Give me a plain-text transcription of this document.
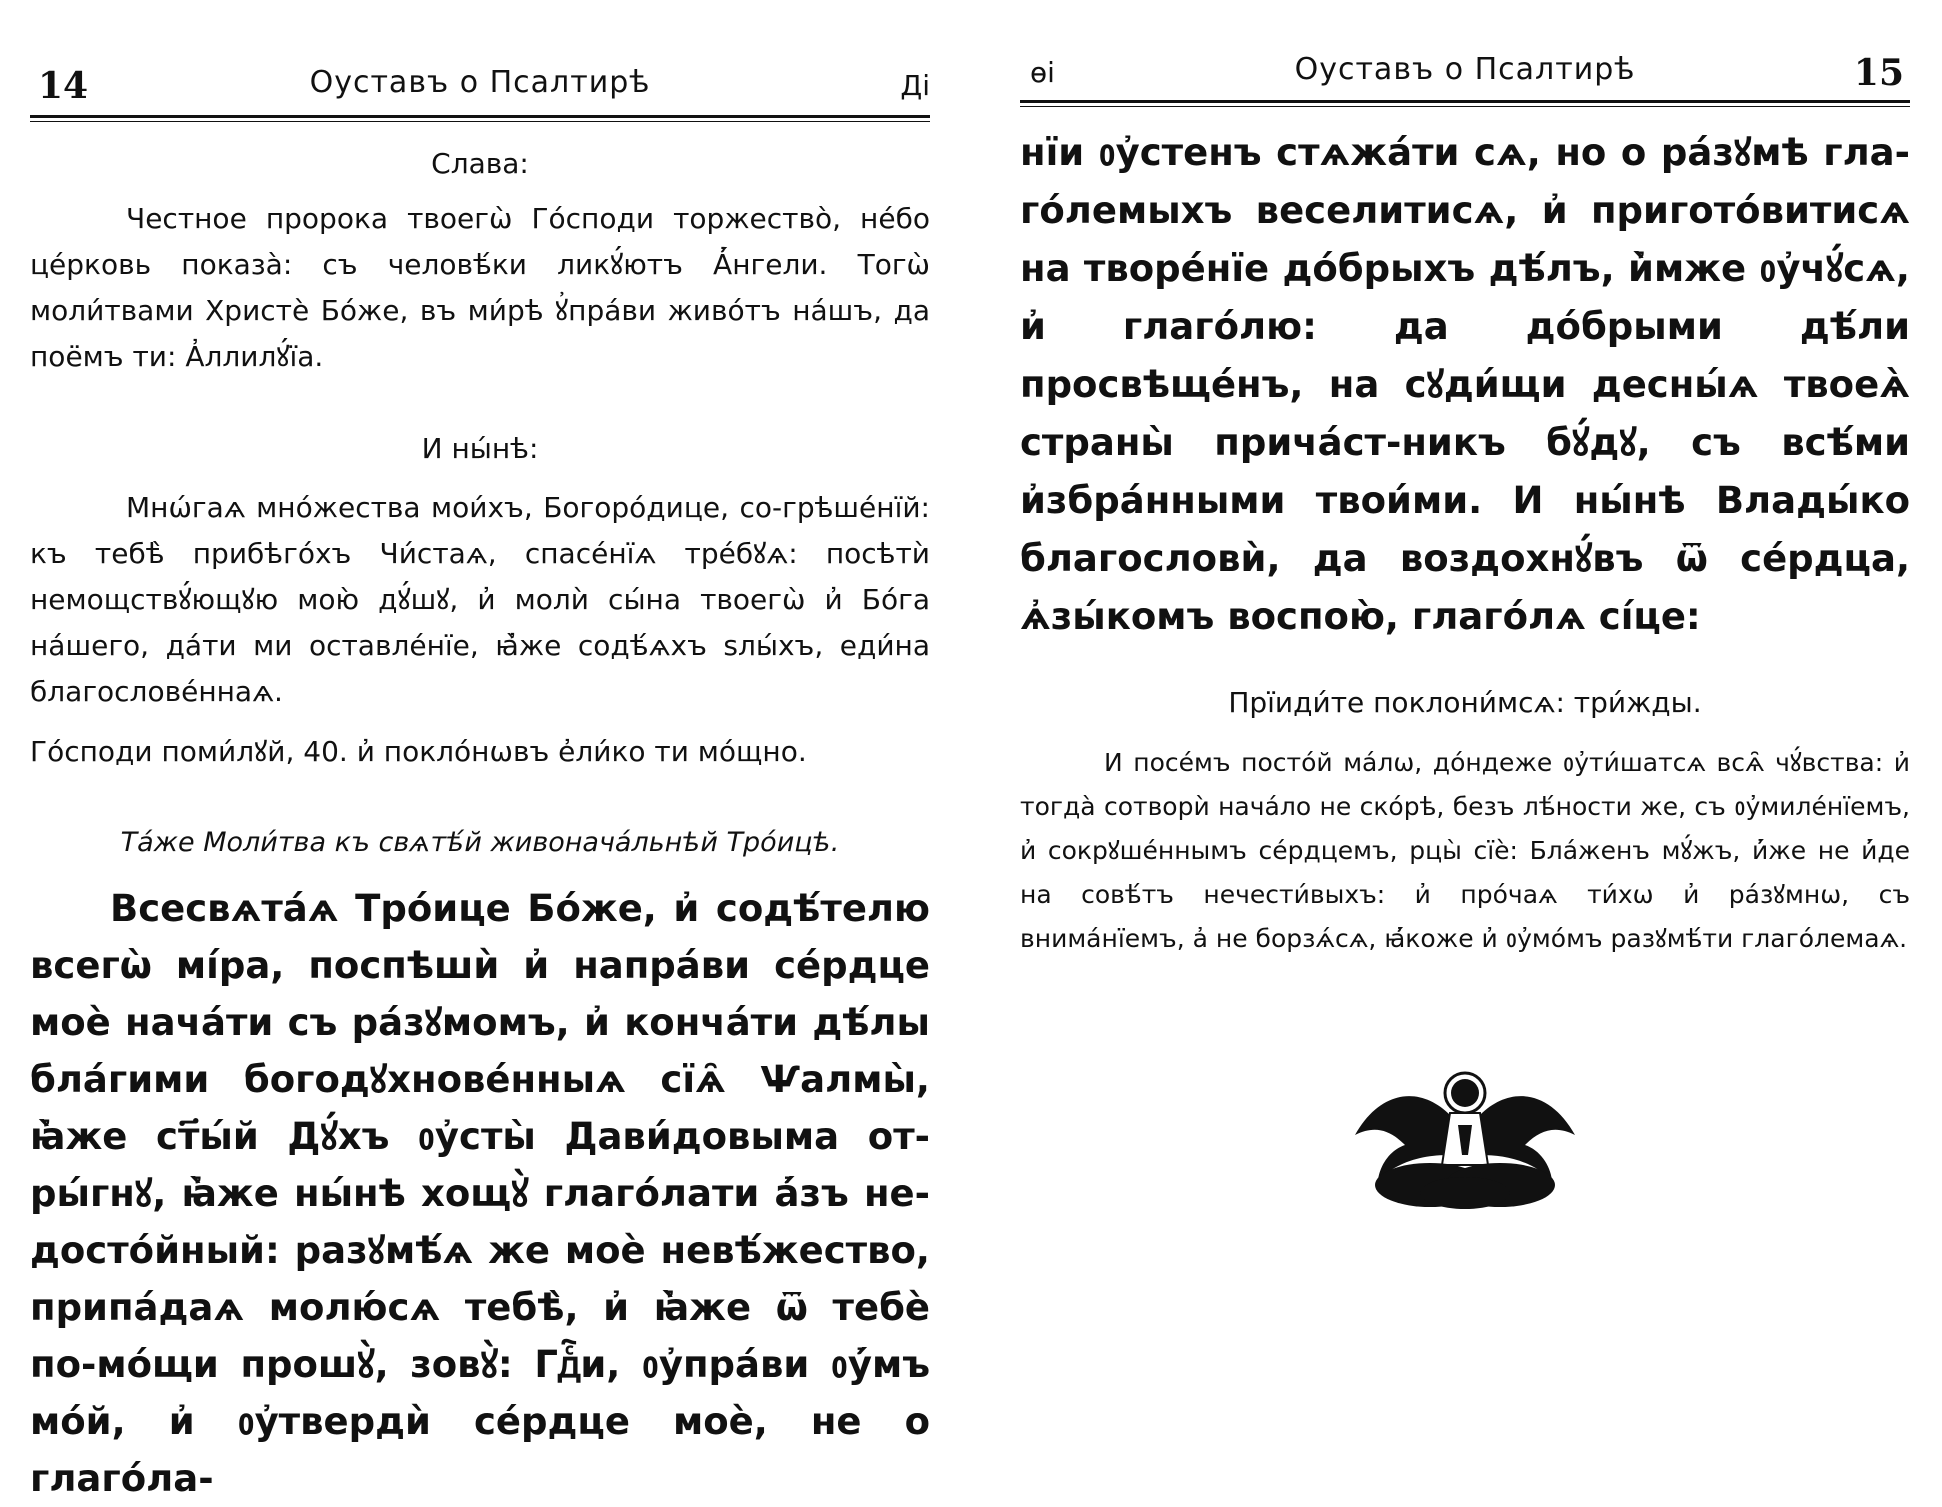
14	Оуставъ о Псалтирѣ	Ді

Слава:

Честное пророка твоегѡ̀ Го́споди торжество̀, не́бо це́рковь показа̀: съ человѣ́ки ликꙋ́ютъ А҆́нгели. Тогѡ̀ моли́твами Христѐ Бо́же, въ ми́рѣ ꙋ҆пра́ви живо́тъ на́шъ, да поёмъ ти: А҆ллилꙋ́їа.

И ны́нѣ:

Мнѡ́гаѧ мно́жества мои́хъ, Богоро́дице, со-грѣше́нїй: къ тебѣ̀ прибѣго́хъ Чи́стаѧ, спасе́нїѧ тре́бꙋѧ: посѣтѝ немощствꙋ́ющꙋю мою̀ дꙋ́шꙋ, и҆ молѝ сы́на твоегѡ̀ и҆ Бо́га на́шего, да́ти ми оставле́нїе, ꙗ҆̀же содѣ́ѧхъ ѕлы́хъ, еди́на благослове́ннаѧ.

Го́споди поми́лꙋй, 40. и҆ покло́нѡвъ е҆ли́ко ти мо́щно.

Та́же Моли́тва къ свѧтѣ́й живонача́льнѣй Тро́ицѣ.

Всесвѧта́ѧ Тро́ице Бо́же, и҆ содѣ́телю всегѡ̀ мі́ра, поспѣшѝ и҆ напра́ви се́рдце моѐ нача́ти съ ра́зꙋмомъ, и҆ конча́ти дѣ́лы бла́гими богодꙋхнове́нныѧ сїѧ̑ Ѱалмы̀, ꙗ҆̀же ст҃ы́й Дꙋ́хъ ᲂу҆сты̀ Дави́довыма от-ры́гнꙋ, ꙗ҆̀же ны́нѣ хощꙋ̀ глаго́лати а҆́зъ не-досто́йный: разꙋмѣ́ѧ же моѐ невѣ́жество, припа́даѧ молю́сѧ тебѣ̀, и҆ ꙗ҆̀же ѿ тебѐ по-мо́щи прошꙋ̀, зовꙋ̀: Гдⷭ҇и, ᲂу҆пра́ви ᲂу҆́мъ мо́й, и҆ ᲂу҆твердѝ се́рдце моѐ, не о глаго́ла-

ѳі	Оуставъ о Псалтирѣ	15

нїи ᲂу҆стенъ стѧжа́ти сѧ, но о ра́зꙋмѣ гла-го́лемыхъ веселитисѧ, и҆ пригото́витисѧ на творе́нїе до́брыхъ дѣ́лъ, и҆̀мже ᲂу҆чꙋ́сѧ, и҆ глаго́лю: да до́брыми дѣ́ли просвѣще́нъ, на сꙋди́щи десны́ѧ твоеѧ̀ страны̀ прича́ст-никъ бꙋ́дꙋ, съ всѣ́ми и҆збра́нными твои́ми. И ны́нѣ Влады́ко благословѝ, да воздохнꙋ́въ ѿ се́рдца, ѧ҆зы́комъ воспою̀, глаго́лѧ сі́це:

Прїиди́те поклони́мсѧ: три́жды.

И посе́мъ посто́й ма́лѡ, до́ндеже ᲂу҆ти́шатсѧ всѧ̑ чꙋ́вства: и҆ тогда̀ сотворѝ нача́ло не ско́рѣ, безъ лѣ́ности же, съ ᲂу҆миле́нїемъ, и҆ сокрꙋше́ннымъ се́рдцемъ, рцы̀ сїѐ: Бла́женъ мꙋ́жъ, и҆́же не и҆́де на совѣ́тъ нечести́выхъ: и҆ про́чаѧ ти́хѡ и҆ ра́зꙋмнѡ, съ внима́нїемъ, а҆ не борзѧ́сѧ, ꙗ҆́коже и҆ ᲂу҆мо́мъ разꙋмѣ́ти глаго́лемаѧ.
